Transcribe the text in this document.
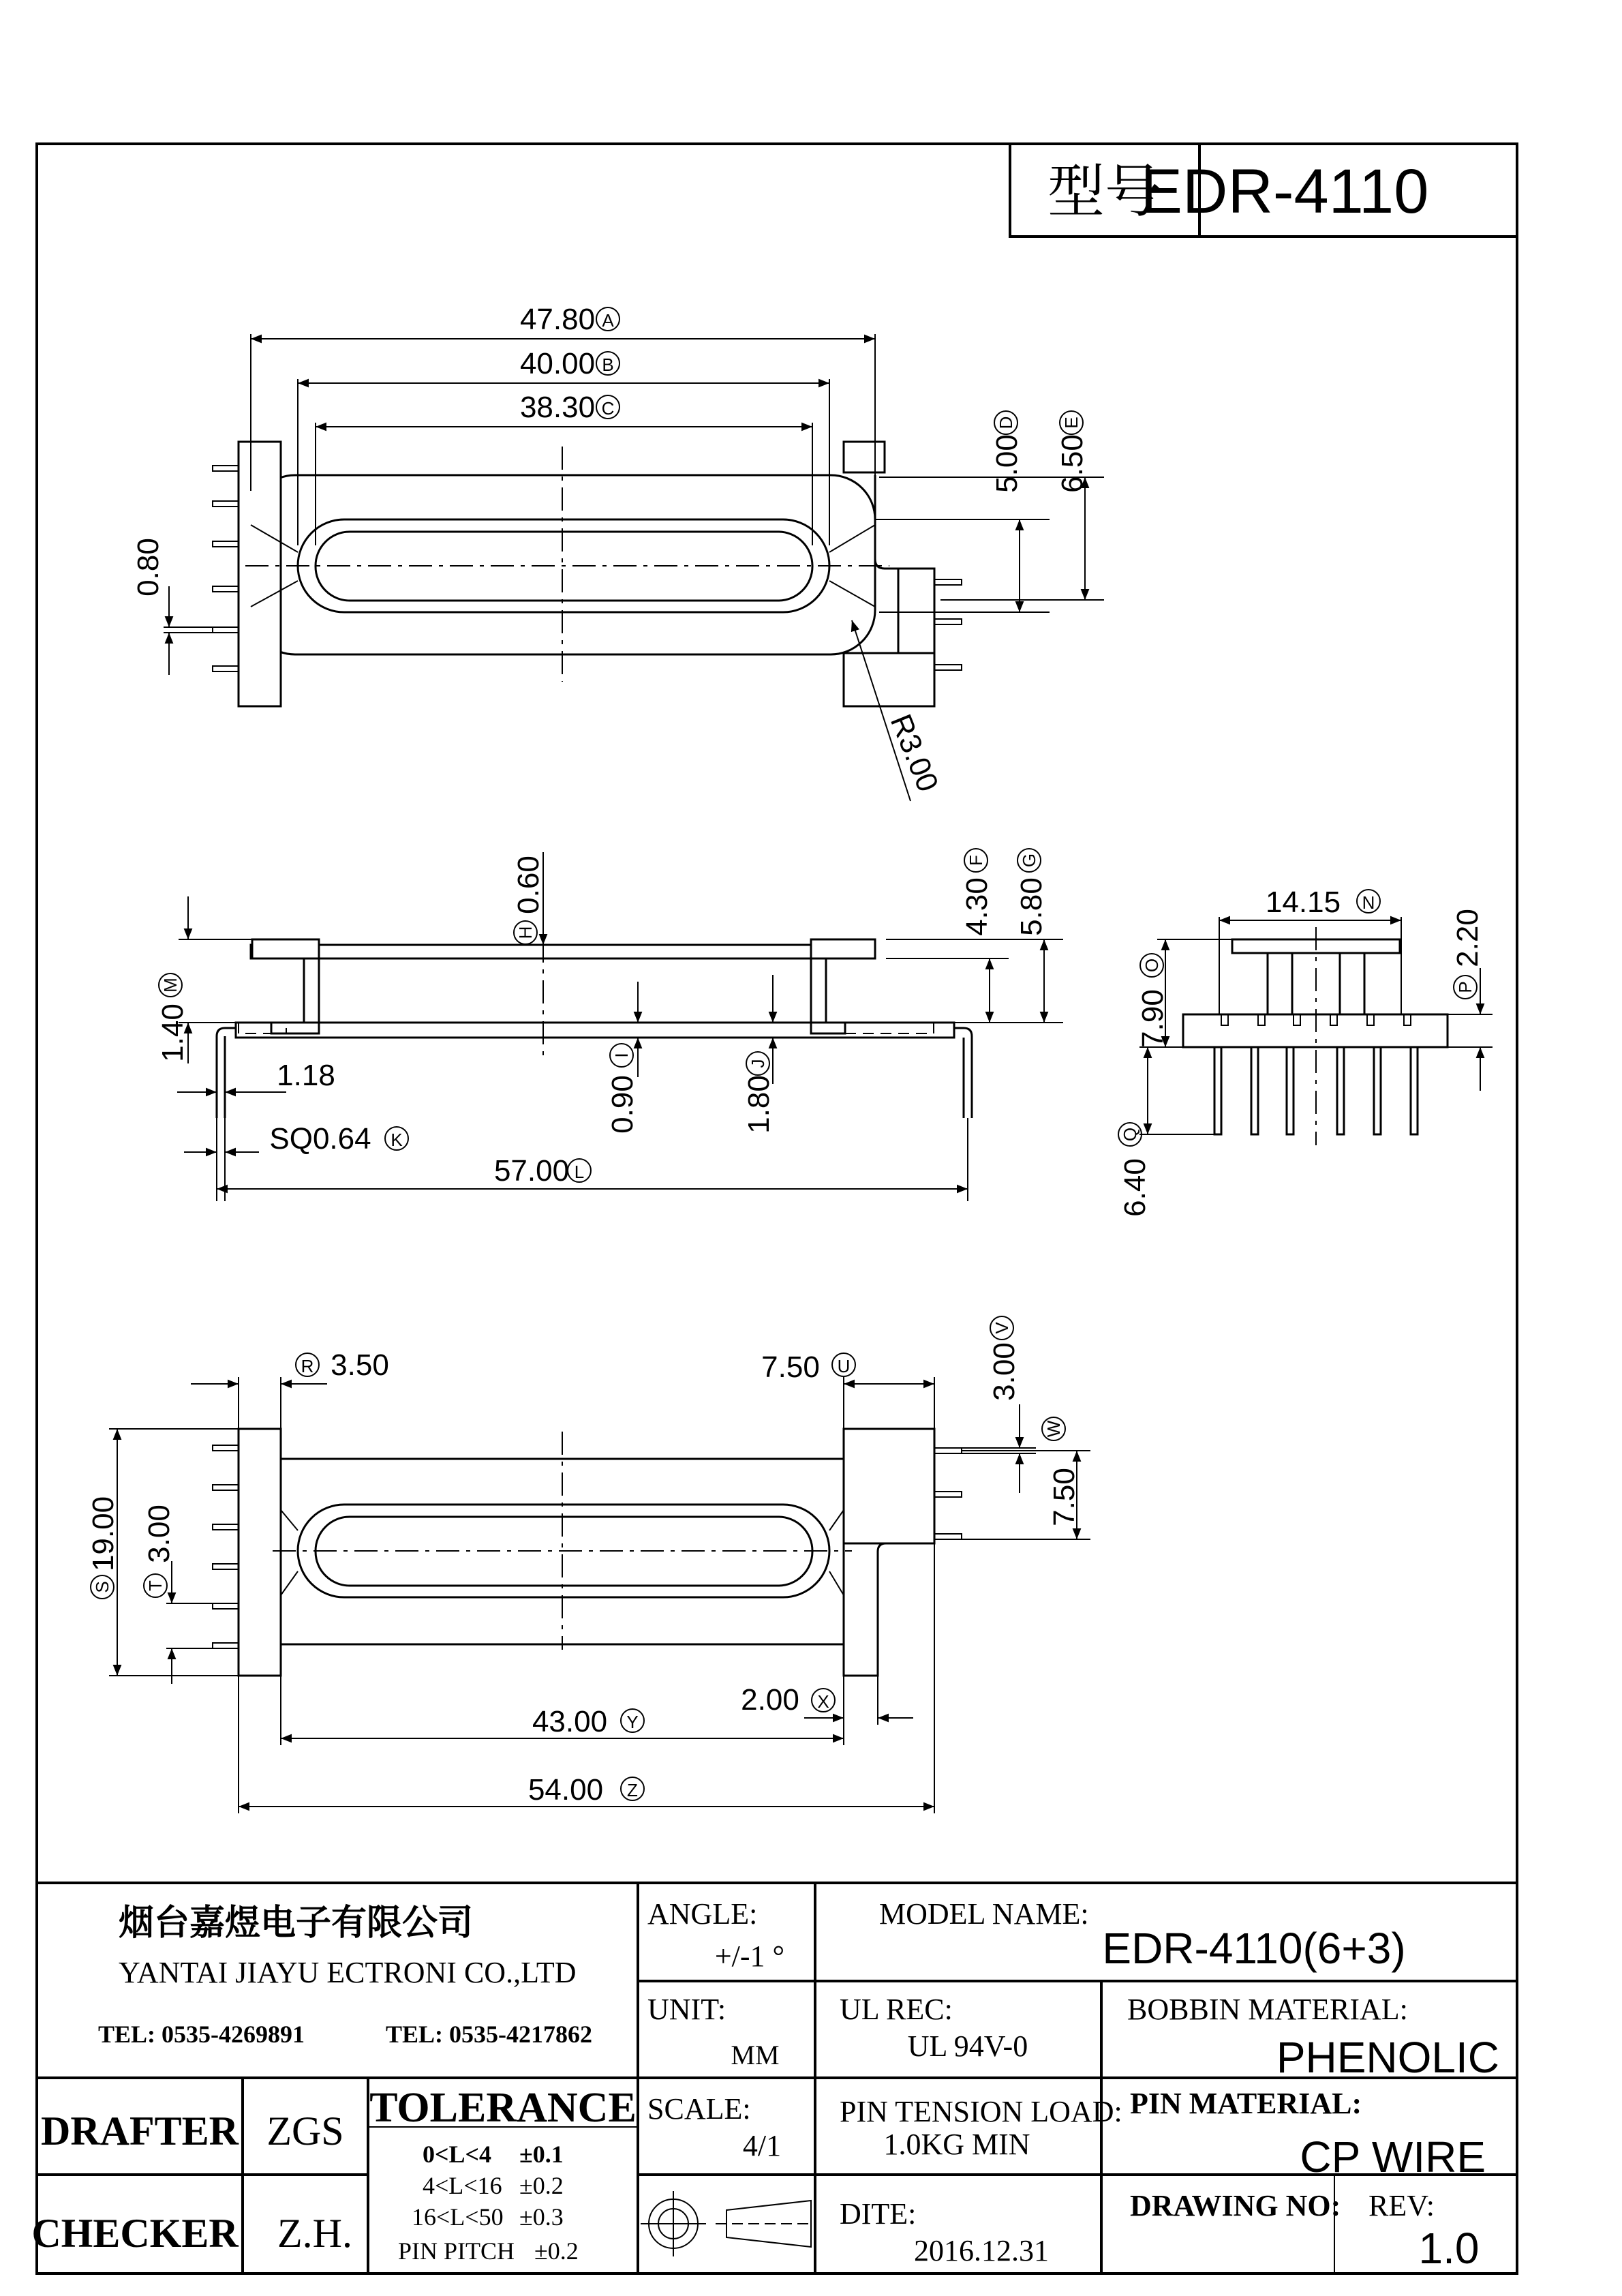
型号
EDR-4110
47.80 A
40.00 B
38.30 C
5.00
D
6.50
E
0.80
R3.00
0.60
H	4.30
F
5.80
G
1.40
M
1.18	0.90
I
1.80
J
SQ0.64 K
57.00 L
14.15 N
7.90
O	2.20
P
6.40
Q
R 3.50	7.50 U	3.00
V
7.50
W
19.00
S
3.00
T
2.00 X
43.00 Y
54.00 Z
烟台嘉煜电子有限公司
YANTAI JIAYU ECTRONI CO.,LTD
TEL: 0535-4269891	TEL: 0535-4217862
ANGLE:
+/-1 °
MODEL NAME:
EDR-4110(6+3)
UNIT:
MM
UL REC:
UL 94V-0
BOBBIN MATERIAL:
PHENOLIC
DRAFTER ZGS
CHECKER Z.H.
TOLERANCE
0<L<4 ±0.1
4<L<16 ±0.2
16<L<50 ±0.3
PIN PITCH ±0.2
SCALE:
4/1
PIN TENSION LOAD:
1.0KG MIN
PIN MATERIAL:
CP WIRE
DITE:
2016.12.31
DRAWING NO: REV:
1.0
